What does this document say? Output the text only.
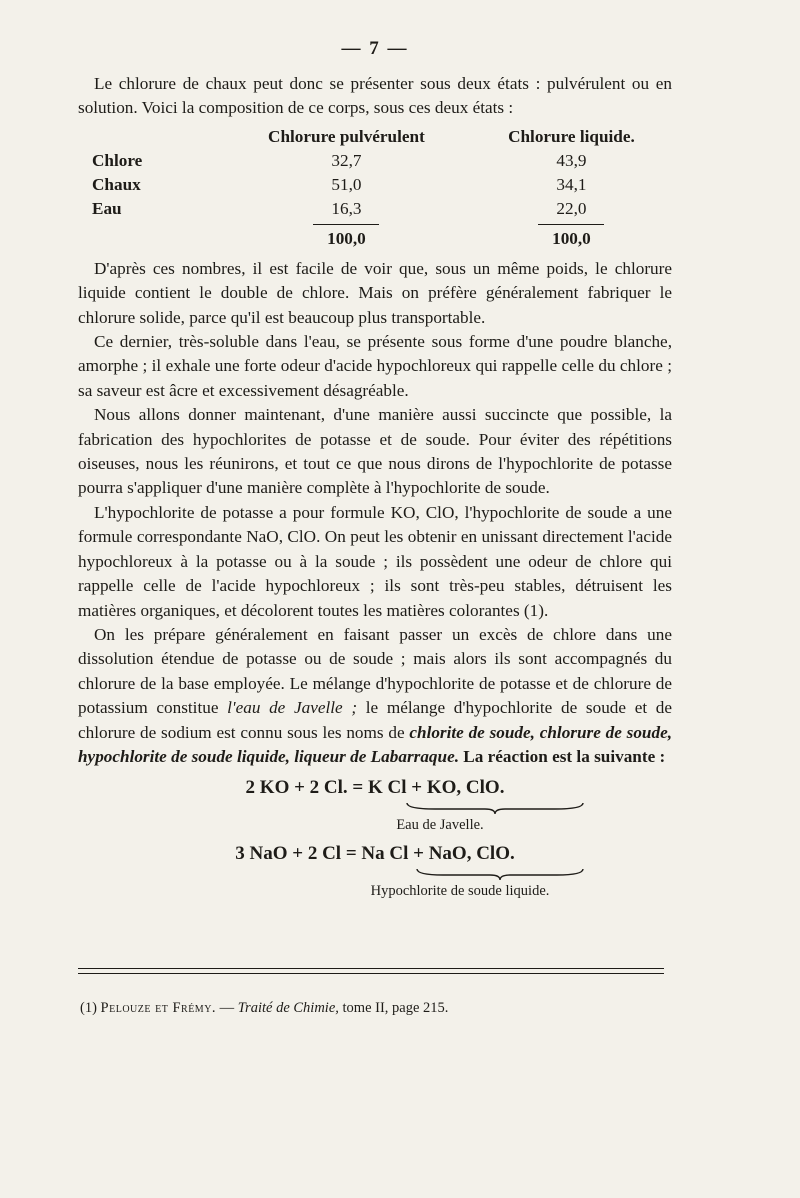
— 7 —

Le chlorure de chaux peut donc se présenter sous deux états : pulvérulent ou en solution. Voici la composition de ce corps, sous ces deux états :

	Chlorure pulvérulent	Chlorure liquide.
Chlore	32,7	43,9
Chaux	51,0	34,1
Eau	16,3	22,0

	100,0	100,0

D'après ces nombres, il est facile de voir que, sous un même poids, le chlorure liquide contient le double de chlore. Mais on préfère généralement fabriquer le chlorure solide, parce qu'il est beaucoup plus transportable.

Ce dernier, très-soluble dans l'eau, se présente sous forme d'une poudre blanche, amorphe ; il exhale une forte odeur d'acide hypochloreux qui rappelle celle du chlore ; sa saveur est âcre et excessivement désagréable.

Nous allons donner maintenant, d'une manière aussi succincte que possible, la fabrication des hypochlorites de potasse et de soude. Pour éviter des répétitions oiseuses, nous les réunirons, et tout ce que nous dirons de l'hypochlorite de potasse pourra s'appliquer d'une manière complète à l'hypochlorite de soude.

L'hypochlorite de potasse a pour formule KO, ClO, l'hypochlorite de soude a une formule correspondante NaO, ClO. On peut les obtenir en unissant directement l'acide hypochloreux à la potasse ou à la soude ; ils possèdent une odeur de chlore qui rappelle celle de l'acide hypochloreux ; ils sont très-peu stables, détruisent les matières organiques, et décolorent toutes les matières colorantes (1).

On les prépare généralement en faisant passer un excès de chlore dans une dissolution étendue de potasse ou de soude ; mais alors ils sont accompagnés du chlorure de la base employée. Le mélange d'hypochlorite de potasse et de chlorure de potassium constitue l'eau de Javelle ; le mélange d'hypochlorite de soude et de chlorure de sodium est connu sous les noms de chlorite de soude, chlorure de soude, hypochlorite de soude liquide, liqueur de Labarraque. La réaction est la suivante :

2 KO + 2 Cl. = K Cl + KO, ClO.
Eau de Javelle.
3 NaO + 2 Cl = Na Cl + NaO, ClO.
Hypochlorite de soude liquide.
(1) Pelouze et Frémy. — Traité de Chimie, tome II, page 215.
